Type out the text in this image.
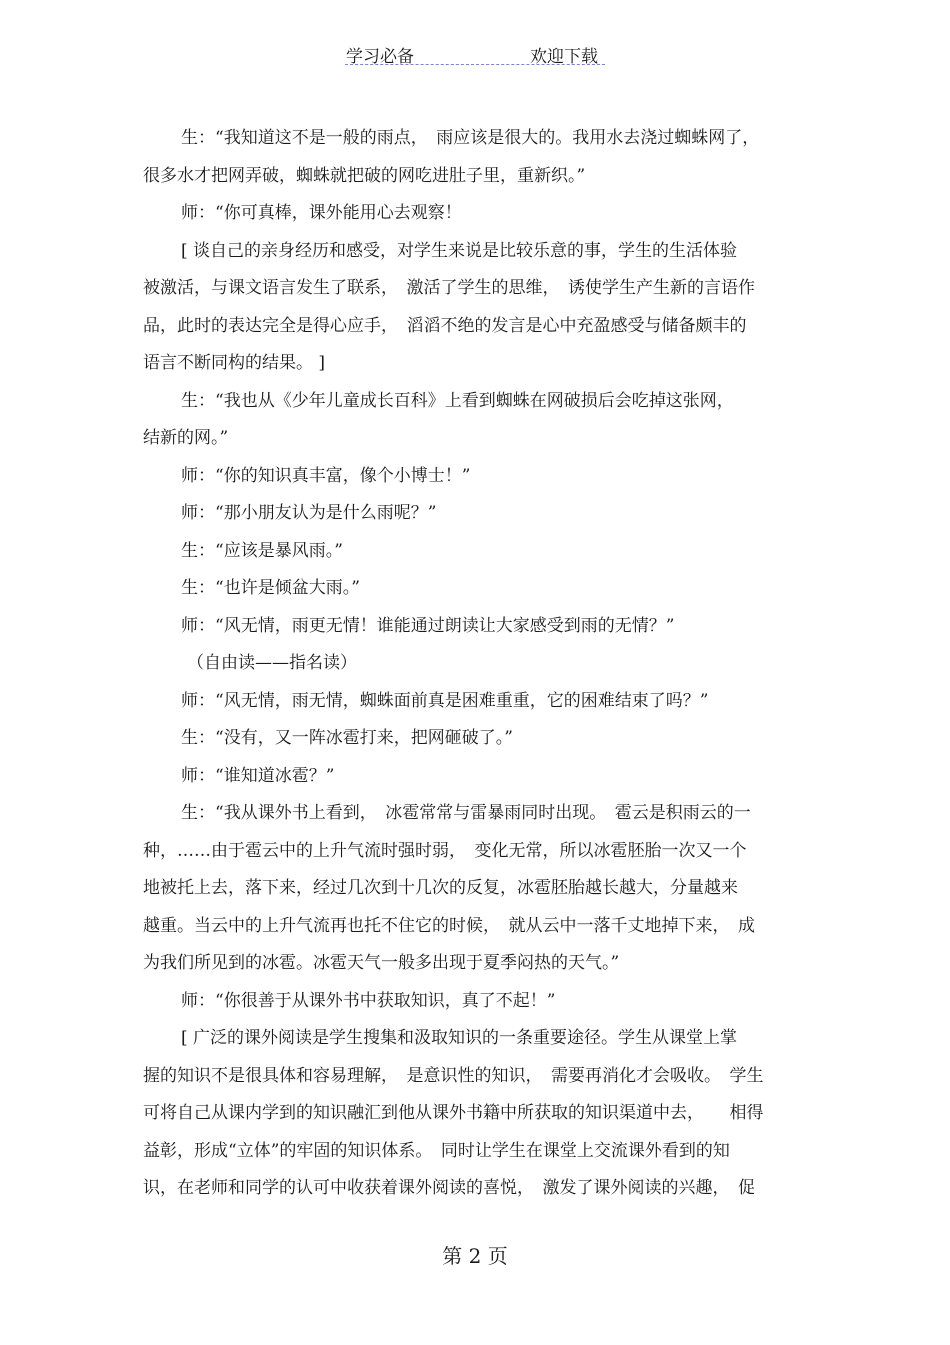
学习必备	欢迎下载
生：“我知道这不是一般的雨点，　雨应该是很大的。我用水去浇过蜘蛛网了，
很多水才把网弄破，蜘蛛就把破的网吃进肚子里，重新织。”
师：“你可真棒，课外能用心去观察！
[ 谈自己的亲身经历和感受，对学生来说是比较乐意的事，学生的生活体验
被激活，与课文语言发生了联系，　激活了学生的思维，　诱使学生产生新的言语作
品，此时的表达完全是得心应手，　滔滔不绝的发言是心中充盈感受与储备颇丰的
语言不断同构的结果。 ]
生：“我也从《少年儿童成长百科》上看到蜘蛛在网破损后会吃掉这张网，
结新的网。”
师：“你的知识真丰富，像个小博士！”
师：“那小朋友认为是什么雨呢？”
生：“应该是暴风雨。”
生：“也许是倾盆大雨。”
师：“风无情，雨更无情！谁能通过朗读让大家感受到雨的无情？”
（自由读——指名读）
师：“风无情，雨无情，蜘蛛面前真是困难重重，它的困难结束了吗？”
生：“没有，又一阵冰雹打来，把网砸破了。”
师：“谁知道冰雹？”
生：“我从课外书上看到，　冰雹常常与雷暴雨同时出现。　雹云是积雨云的一
种，……由于雹云中的上升气流时强时弱，　变化无常，所以冰雹胚胎一次又一个
地被托上去，落下来，经过几次到十几次的反复，冰雹胚胎越长越大，分量越来
越重。当云中的上升气流再也托不住它的时候，　就从云中一落千丈地掉下来，　成
为我们所见到的冰雹。冰雹天气一般多出现于夏季闷热的天气。”
师：“你很善于从课外书中获取知识，真了不起！”
[ 广泛的课外阅读是学生搜集和汲取知识的一条重要途径。学生从课堂上掌
握的知识不是很具体和容易理解，　是意识性的知识，　需要再消化才会吸收。　学生
可将自己从课内学到的知识融汇到他从课外书籍中所获取的知识渠道中去，　　相得
益彰，形成“立体”的牢固的知识体系。　同时让学生在课堂上交流课外看到的知
识，在老师和同学的认可中收获着课外阅读的喜悦，　激发了课外阅读的兴趣，　促
第 2 页
